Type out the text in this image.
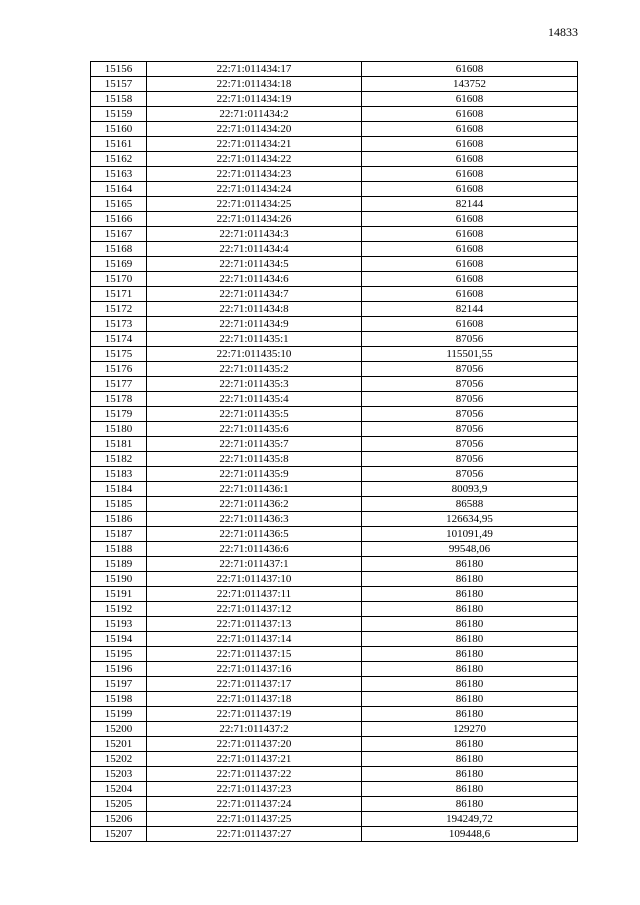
14833
15156	22:71:011434:17	61608
15157	22:71:011434:18	143752
15158	22:71:011434:19	61608
15159	22:71:011434:2	61608
15160	22:71:011434:20	61608
15161	22:71:011434:21	61608
15162	22:71:011434:22	61608
15163	22:71:011434:23	61608
15164	22:71:011434:24	61608
15165	22:71:011434:25	82144
15166	22:71:011434:26	61608
15167	22:71:011434:3	61608
15168	22:71:011434:4	61608
15169	22:71:011434:5	61608
15170	22:71:011434:6	61608
15171	22:71:011434:7	61608
15172	22:71:011434:8	82144
15173	22:71:011434:9	61608
15174	22:71:011435:1	87056
15175	22:71:011435:10	115501,55
15176	22:71:011435:2	87056
15177	22:71:011435:3	87056
15178	22:71:011435:4	87056
15179	22:71:011435:5	87056
15180	22:71:011435:6	87056
15181	22:71:011435:7	87056
15182	22:71:011435:8	87056
15183	22:71:011435:9	87056
15184	22:71:011436:1	80093,9
15185	22:71:011436:2	86588
15186	22:71:011436:3	126634,95
15187	22:71:011436:5	101091,49
15188	22:71:011436:6	99548,06
15189	22:71:011437:1	86180
15190	22:71:011437:10	86180
15191	22:71:011437:11	86180
15192	22:71:011437:12	86180
15193	22:71:011437:13	86180
15194	22:71:011437:14	86180
15195	22:71:011437:15	86180
15196	22:71:011437:16	86180
15197	22:71:011437:17	86180
15198	22:71:011437:18	86180
15199	22:71:011437:19	86180
15200	22:71:011437:2	129270
15201	22:71:011437:20	86180
15202	22:71:011437:21	86180
15203	22:71:011437:22	86180
15204	22:71:011437:23	86180
15205	22:71:011437:24	86180
15206	22:71:011437:25	194249,72
15207	22:71:011437:27	109448,6
